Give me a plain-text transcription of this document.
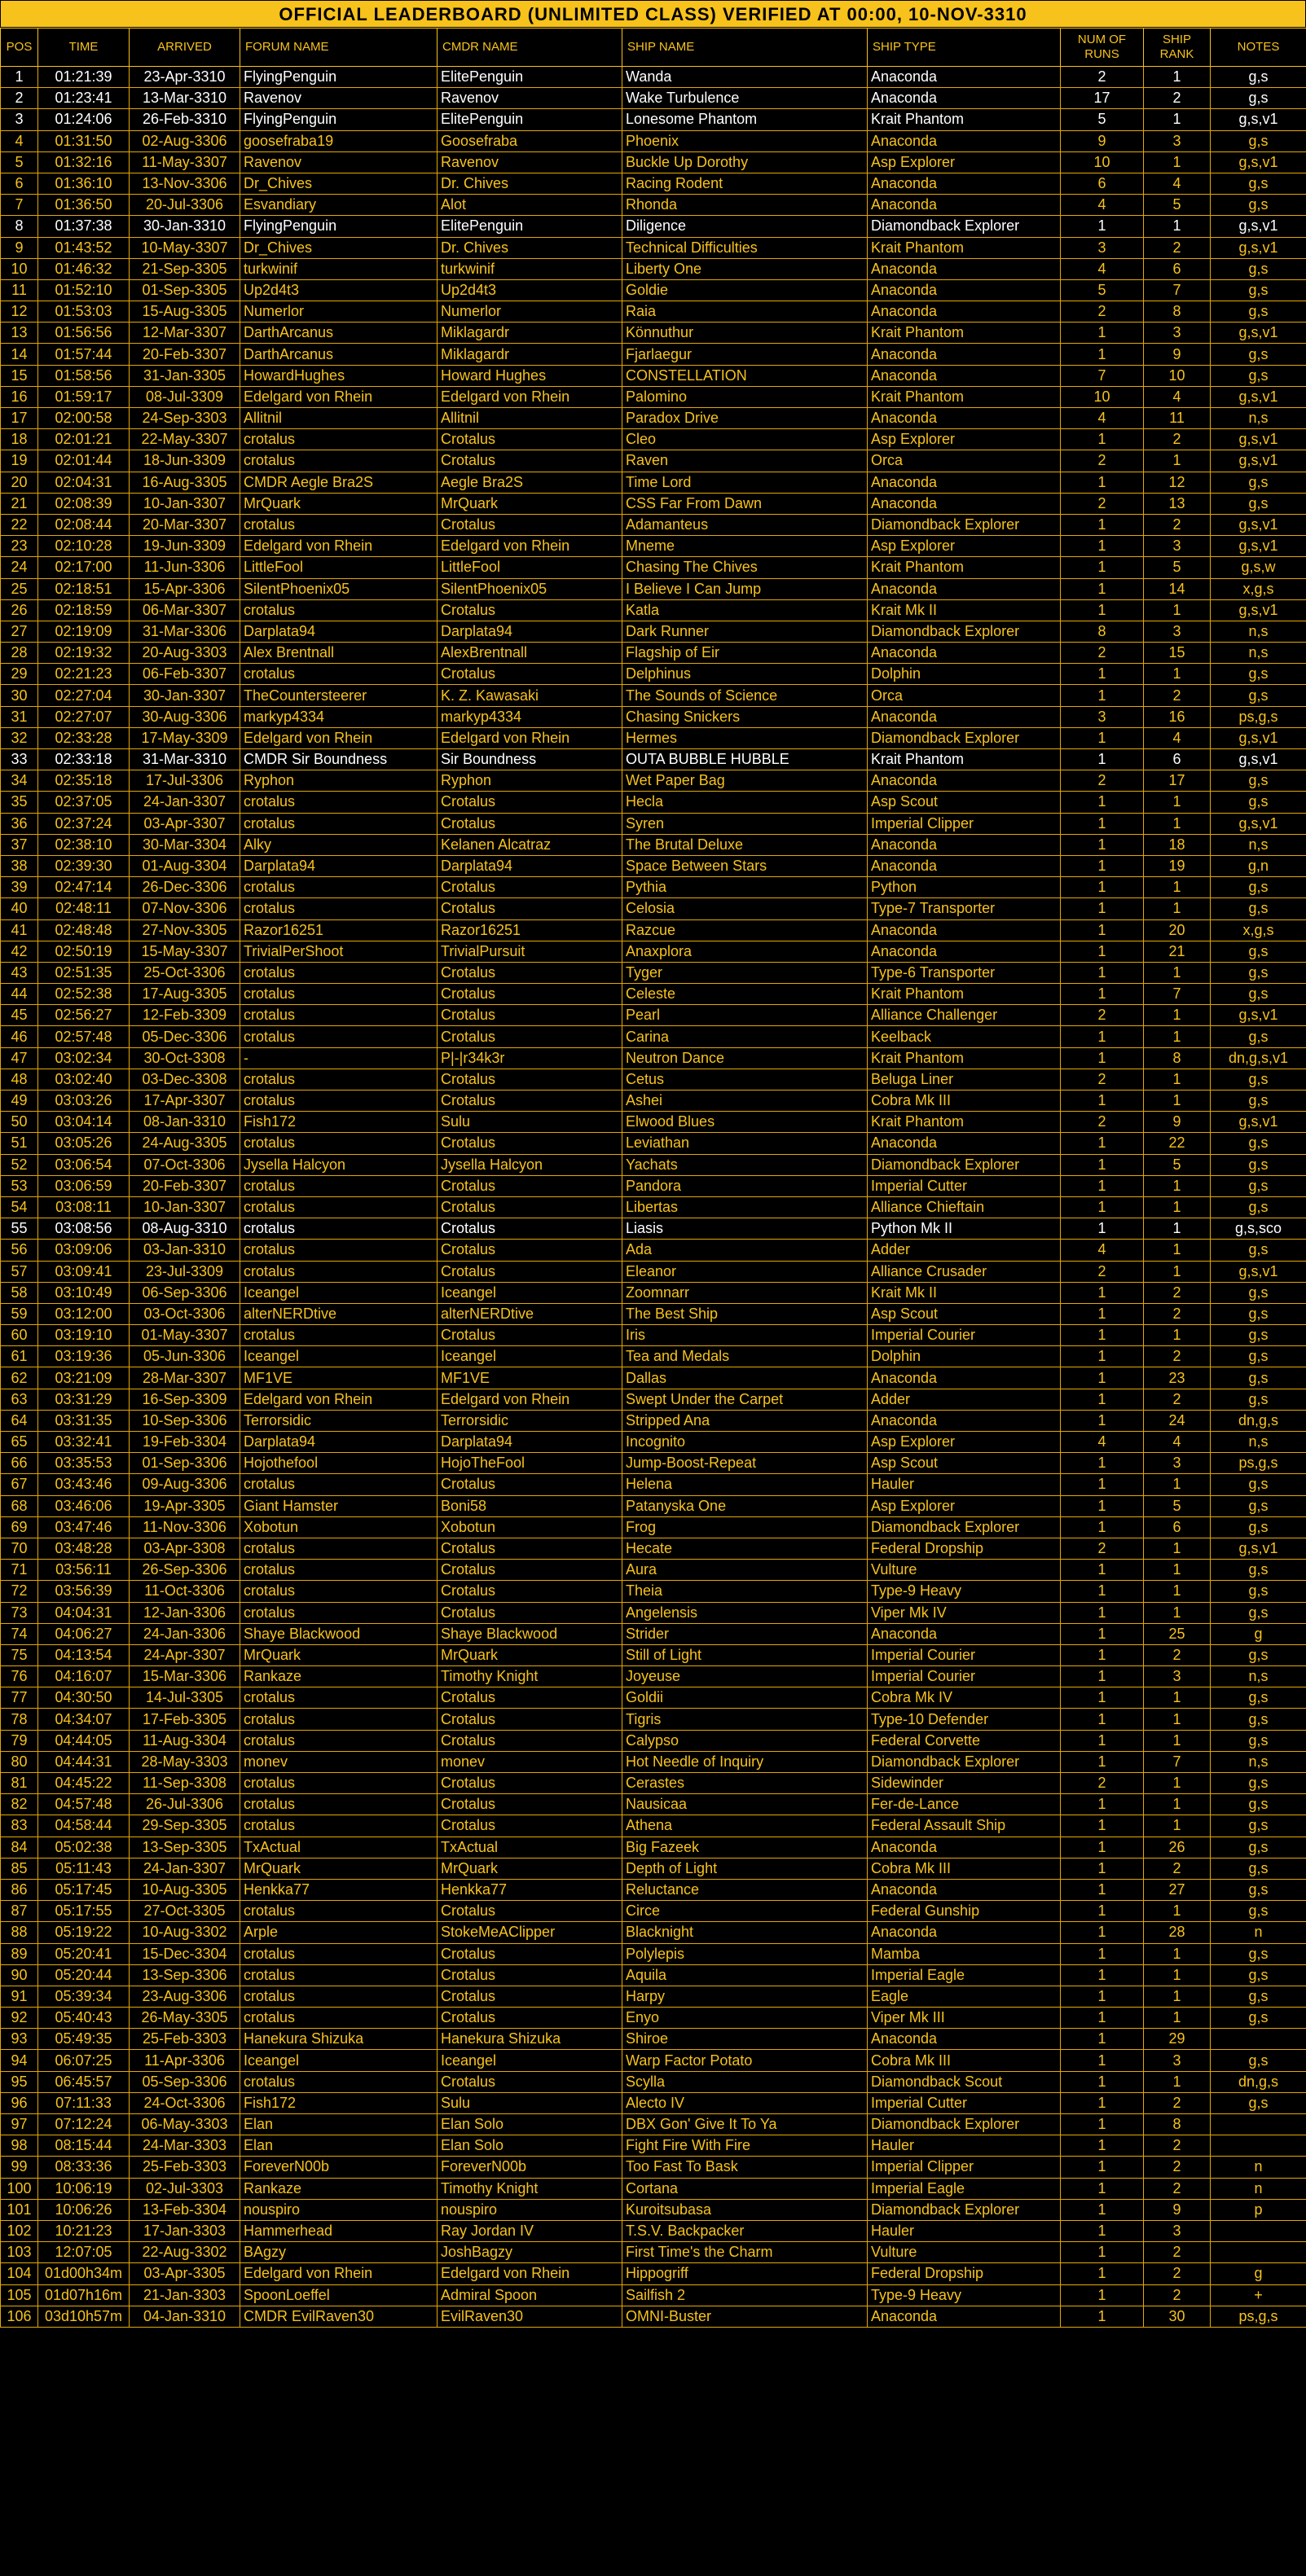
OFFICIAL LEADERBOARD (UNLIMITED CLASS) VERIFIED AT 00:00, 10-NOV-3310
POS	TIME	ARRIVED	FORUM NAME	CMDR NAME	SHIP NAME	SHIP TYPE	NUM OF RUNS	SHIP RANK	NOTES
1	01:21:39	23-Apr-3310	FlyingPenguin	ElitePenguin	Wanda	Anaconda	2	1	g,s
2	01:23:41	13-Mar-3310	Ravenov	Ravenov	Wake Turbulence	Anaconda	17	2	g,s
3	01:24:06	26-Feb-3310	FlyingPenguin	ElitePenguin	Lonesome Phantom	Krait Phantom	5	1	g,s,v1
4	01:31:50	02-Aug-3306	goosefraba19	Goosefraba	Phoenix	Anaconda	9	3	g,s
5	01:32:16	11-May-3307	Ravenov	Ravenov	Buckle Up Dorothy	Asp Explorer	10	1	g,s,v1
6	01:36:10	13-Nov-3306	Dr_Chives	Dr. Chives	Racing Rodent	Anaconda	6	4	g,s
7	01:36:50	20-Jul-3306	Esvandiary	Alot	Rhonda	Anaconda	4	5	g,s
8	01:37:38	30-Jan-3310	FlyingPenguin	ElitePenguin	Diligence	Diamondback Explorer	1	1	g,s,v1
9	01:43:52	10-May-3307	Dr_Chives	Dr. Chives	Technical Difficulties	Krait Phantom	3	2	g,s,v1
10	01:46:32	21-Sep-3305	turkwinif	turkwinif	Liberty One	Anaconda	4	6	g,s
11	01:52:10	01-Sep-3305	Up2d4t3	Up2d4t3	Goldie	Anaconda	5	7	g,s
12	01:53:03	15-Aug-3305	Numerlor	Numerlor	Raia	Anaconda	2	8	g,s
13	01:56:56	12-Mar-3307	DarthArcanus	Miklagardr	Könnuthur	Krait Phantom	1	3	g,s,v1
14	01:57:44	20-Feb-3307	DarthArcanus	Miklagardr	Fjarlaegur	Anaconda	1	9	g,s
15	01:58:56	31-Jan-3305	HowardHughes	Howard Hughes	CONSTELLATION	Anaconda	7	10	g,s
16	01:59:17	08-Jul-3309	Edelgard von Rhein	Edelgard von Rhein	Palomino	Krait Phantom	10	4	g,s,v1
17	02:00:58	24-Sep-3303	Allitnil	Allitnil	Paradox Drive	Anaconda	4	11	n,s
18	02:01:21	22-May-3307	crotalus	Crotalus	Cleo	Asp Explorer	1	2	g,s,v1
19	02:01:44	18-Jun-3309	crotalus	Crotalus	Raven	Orca	2	1	g,s,v1
20	02:04:31	16-Aug-3305	CMDR Aegle Bra2S	Aegle Bra2S	Time Lord	Anaconda	1	12	g,s
21	02:08:39	10-Jan-3307	MrQuark	MrQuark	CSS Far From Dawn	Anaconda	2	13	g,s
22	02:08:44	20-Mar-3307	crotalus	Crotalus	Adamanteus	Diamondback Explorer	1	2	g,s,v1
23	02:10:28	19-Jun-3309	Edelgard von Rhein	Edelgard von Rhein	Mneme	Asp Explorer	1	3	g,s,v1
24	02:17:00	11-Jun-3306	LittleFool	LittleFool	Chasing The Chives	Krait Phantom	1	5	g,s,w
25	02:18:51	15-Apr-3306	SilentPhoenix05	SilentPhoenix05	I Believe I Can Jump	Anaconda	1	14	x,g,s
26	02:18:59	06-Mar-3307	crotalus	Crotalus	Katla	Krait Mk II	1	1	g,s,v1
27	02:19:09	31-Mar-3306	Darplata94	Darplata94	Dark Runner	Diamondback Explorer	8	3	n,s
28	02:19:32	20-Aug-3303	Alex Brentnall	AlexBrentnall	Flagship of Eir	Anaconda	2	15	n,s
29	02:21:23	06-Feb-3307	crotalus	Crotalus	Delphinus	Dolphin	1	1	g,s
30	02:27:04	30-Jan-3307	TheCountersteerer	K. Z. Kawasaki	The Sounds of Science	Orca	1	2	g,s
31	02:27:07	30-Aug-3306	markyp4334	markyp4334	Chasing Snickers	Anaconda	3	16	ps,g,s
32	02:33:28	17-May-3309	Edelgard von Rhein	Edelgard von Rhein	Hermes	Diamondback Explorer	1	4	g,s,v1
33	02:33:18	31-Mar-3310	CMDR Sir Boundness	Sir Boundness	OUTA BUBBLE HUBBLE	Krait Phantom	1	6	g,s,v1
34	02:35:18	17-Jul-3306	Ryphon	Ryphon	Wet Paper Bag	Anaconda	2	17	g,s
35	02:37:05	24-Jan-3307	crotalus	Crotalus	Hecla	Asp Scout	1	1	g,s
36	02:37:24	03-Apr-3307	crotalus	Crotalus	Syren	Imperial Clipper	1	1	g,s,v1
37	02:38:10	30-Mar-3304	Alky	Kelanen Alcatraz	The Brutal Deluxe	Anaconda	1	18	n,s
38	02:39:30	01-Aug-3304	Darplata94	Darplata94	Space Between Stars	Anaconda	1	19	g,n
39	02:47:14	26-Dec-3306	crotalus	Crotalus	Pythia	Python	1	1	g,s
40	02:48:11	07-Nov-3306	crotalus	Crotalus	Celosia	Type-7 Transporter	1	1	g,s
41	02:48:48	27-Nov-3305	Razor16251	Razor16251	Razcue	Anaconda	1	20	x,g,s
42	02:50:19	15-May-3307	TrivialPerShoot	TrivialPursuit	Anaxplora	Anaconda	1	21	g,s
43	02:51:35	25-Oct-3306	crotalus	Crotalus	Tyger	Type-6 Transporter	1	1	g,s
44	02:52:38	17-Aug-3305	crotalus	Crotalus	Celeste	Krait Phantom	1	7	g,s
45	02:56:27	12-Feb-3309	crotalus	Crotalus	Pearl	Alliance Challenger	2	1	g,s,v1
46	02:57:48	05-Dec-3306	crotalus	Crotalus	Carina	Keelback	1	1	g,s
47	03:02:34	30-Oct-3308	-	P|-|r34k3r	Neutron Dance	Krait Phantom	1	8	dn,g,s,v1
48	03:02:40	03-Dec-3308	crotalus	Crotalus	Cetus	Beluga Liner	2	1	g,s
49	03:03:26	17-Apr-3307	crotalus	Crotalus	Ashei	Cobra Mk III	1	1	g,s
50	03:04:14	08-Jan-3310	Fish172	Sulu	Elwood Blues	Krait Phantom	2	9	g,s,v1
51	03:05:26	24-Aug-3305	crotalus	Crotalus	Leviathan	Anaconda	1	22	g,s
52	03:06:54	07-Oct-3306	Jysella Halcyon	Jysella Halcyon	Yachats	Diamondback Explorer	1	5	g,s
53	03:06:59	20-Feb-3307	crotalus	Crotalus	Pandora	Imperial Cutter	1	1	g,s
54	03:08:11	10-Jan-3307	crotalus	Crotalus	Libertas	Alliance Chieftain	1	1	g,s
55	03:08:56	08-Aug-3310	crotalus	Crotalus	Liasis	Python Mk II	1	1	g,s,sco
56	03:09:06	03-Jan-3310	crotalus	Crotalus	Ada	Adder	4	1	g,s
57	03:09:41	23-Jul-3309	crotalus	Crotalus	Eleanor	Alliance Crusader	2	1	g,s,v1
58	03:10:49	06-Sep-3306	Iceangel	Iceangel	Zoomnarr	Krait Mk II	1	2	g,s
59	03:12:00	03-Oct-3306	alterNERDtive	alterNERDtive	The Best Ship	Asp Scout	1	2	g,s
60	03:19:10	01-May-3307	crotalus	Crotalus	Iris	Imperial Courier	1	1	g,s
61	03:19:36	05-Jun-3306	Iceangel	Iceangel	Tea and Medals	Dolphin	1	2	g,s
62	03:21:09	28-Mar-3307	MF1VE	MF1VE	Dallas	Anaconda	1	23	g,s
63	03:31:29	16-Sep-3309	Edelgard von Rhein	Edelgard von Rhein	Swept Under the Carpet	Adder	1	2	g,s
64	03:31:35	10-Sep-3306	Terrorsidic	Terrorsidic	Stripped Ana	Anaconda	1	24	dn,g,s
65	03:32:41	19-Feb-3304	Darplata94	Darplata94	Incognito	Asp Explorer	4	4	n,s
66	03:35:53	01-Sep-3306	Hojothefool	HojoTheFool	Jump-Boost-Repeat	Asp Scout	1	3	ps,g,s
67	03:43:46	09-Aug-3306	crotalus	Crotalus	Helena	Hauler	1	1	g,s
68	03:46:06	19-Apr-3305	Giant Hamster	Boni58	Patanyska One	Asp Explorer	1	5	g,s
69	03:47:46	11-Nov-3306	Xobotun	Xobotun	Frog	Diamondback Explorer	1	6	g,s
70	03:48:28	03-Apr-3308	crotalus	Crotalus	Hecate	Federal Dropship	2	1	g,s,v1
71	03:56:11	26-Sep-3306	crotalus	Crotalus	Aura	Vulture	1	1	g,s
72	03:56:39	11-Oct-3306	crotalus	Crotalus	Theia	Type-9 Heavy	1	1	g,s
73	04:04:31	12-Jan-3306	crotalus	Crotalus	Angelensis	Viper Mk IV	1	1	g,s
74	04:06:27	24-Jan-3306	Shaye Blackwood	Shaye Blackwood	Strider	Anaconda	1	25	g
75	04:13:54	24-Apr-3307	MrQuark	MrQuark	Still of Light	Imperial Courier	1	2	g,s
76	04:16:07	15-Mar-3306	Rankaze	Timothy Knight	Joyeuse	Imperial Courier	1	3	n,s
77	04:30:50	14-Jul-3305	crotalus	Crotalus	Goldii	Cobra Mk IV	1	1	g,s
78	04:34:07	17-Feb-3305	crotalus	Crotalus	Tigris	Type-10 Defender	1	1	g,s
79	04:44:05	11-Aug-3304	crotalus	Crotalus	Calypso	Federal Corvette	1	1	g,s
80	04:44:31	28-May-3303	monev	monev	Hot Needle of Inquiry	Diamondback Explorer	1	7	n,s
81	04:45:22	11-Sep-3308	crotalus	Crotalus	Cerastes	Sidewinder	2	1	g,s
82	04:57:48	26-Jul-3306	crotalus	Crotalus	Nausicaa	Fer-de-Lance	1	1	g,s
83	04:58:44	29-Sep-3305	crotalus	Crotalus	Athena	Federal Assault Ship	1	1	g,s
84	05:02:38	13-Sep-3305	TxActual	TxActual	Big Fazeek	Anaconda	1	26	g,s
85	05:11:43	24-Jan-3307	MrQuark	MrQuark	Depth of Light	Cobra Mk III	1	2	g,s
86	05:17:45	10-Aug-3305	Henkka77	Henkka77	Reluctance	Anaconda	1	27	g,s
87	05:17:55	27-Oct-3305	crotalus	Crotalus	Circe	Federal Gunship	1	1	g,s
88	05:19:22	10-Aug-3302	Arple	StokeMeAClipper	Blacknight	Anaconda	1	28	n
89	05:20:41	15-Dec-3304	crotalus	Crotalus	Polylepis	Mamba	1	1	g,s
90	05:20:44	13-Sep-3306	crotalus	Crotalus	Aquila	Imperial Eagle	1	1	g,s
91	05:39:34	23-Aug-3306	crotalus	Crotalus	Harpy	Eagle	1	1	g,s
92	05:40:43	26-May-3305	crotalus	Crotalus	Enyo	Viper Mk III	1	1	g,s
93	05:49:35	25-Feb-3303	Hanekura Shizuka	Hanekura Shizuka	Shiroe	Anaconda	1	29	
94	06:07:25	11-Apr-3306	Iceangel	Iceangel	Warp Factor Potato	Cobra Mk III	1	3	g,s
95	06:45:57	05-Sep-3306	crotalus	Crotalus	Scylla	Diamondback Scout	1	1	dn,g,s
96	07:11:33	24-Oct-3306	Fish172	Sulu	Alecto IV	Imperial Cutter	1	2	g,s
97	07:12:24	06-May-3303	Elan	Elan Solo	DBX Gon' Give It To Ya	Diamondback Explorer	1	8	
98	08:15:44	24-Mar-3303	Elan	Elan Solo	Fight Fire With Fire	Hauler	1	2	
99	08:33:36	25-Feb-3303	ForeverN00b	ForeverN00b	Too Fast To Bask	Imperial Clipper	1	2	n
100	10:06:19	02-Jul-3303	Rankaze	Timothy Knight	Cortana	Imperial Eagle	1	2	n
101	10:06:26	13-Feb-3304	nouspiro	nouspiro	Kuroitsubasa	Diamondback Explorer	1	9	p
102	10:21:23	17-Jan-3303	Hammerhead	Ray Jordan IV	T.S.V. Backpacker	Hauler	1	3	
103	12:07:05	22-Aug-3302	BAgzy	JoshBagzy	First Time's the Charm	Vulture	1	2	
104	01d00h34m	03-Apr-3305	Edelgard von Rhein	Edelgard von Rhein	Hippogriff	Federal Dropship	1	2	g
105	01d07h16m	21-Jan-3303	SpoonLoeffel	Admiral Spoon	Sailfish 2	Type-9 Heavy	1	2	+
106	03d10h57m	04-Jan-3310	CMDR EvilRaven30	EvilRaven30	OMNI-Buster	Anaconda	1	30	ps,g,s
